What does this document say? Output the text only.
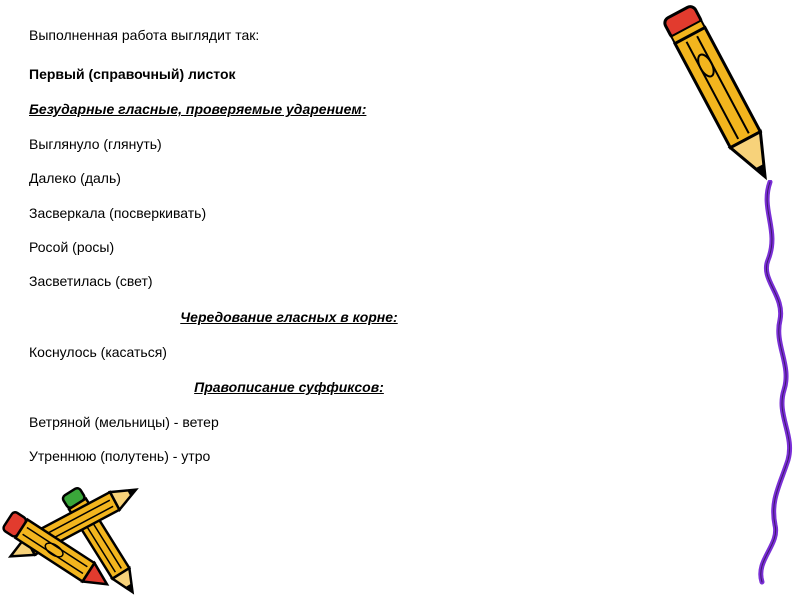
Выполненная работа выглядит так:
Первый (справочный) листок
Безударные гласные, проверяемые ударением:
Выглянуло (глянуть)
Далеко (даль)
Засверкала (посверкивать)
Росой (росы)
Засветилась (свет)
Чередование гласных в корне:
Коснулось (касаться)
Правописание суффиксов:
Ветряной (мельницы) - ветер
Утреннюю (полутень) - утро
